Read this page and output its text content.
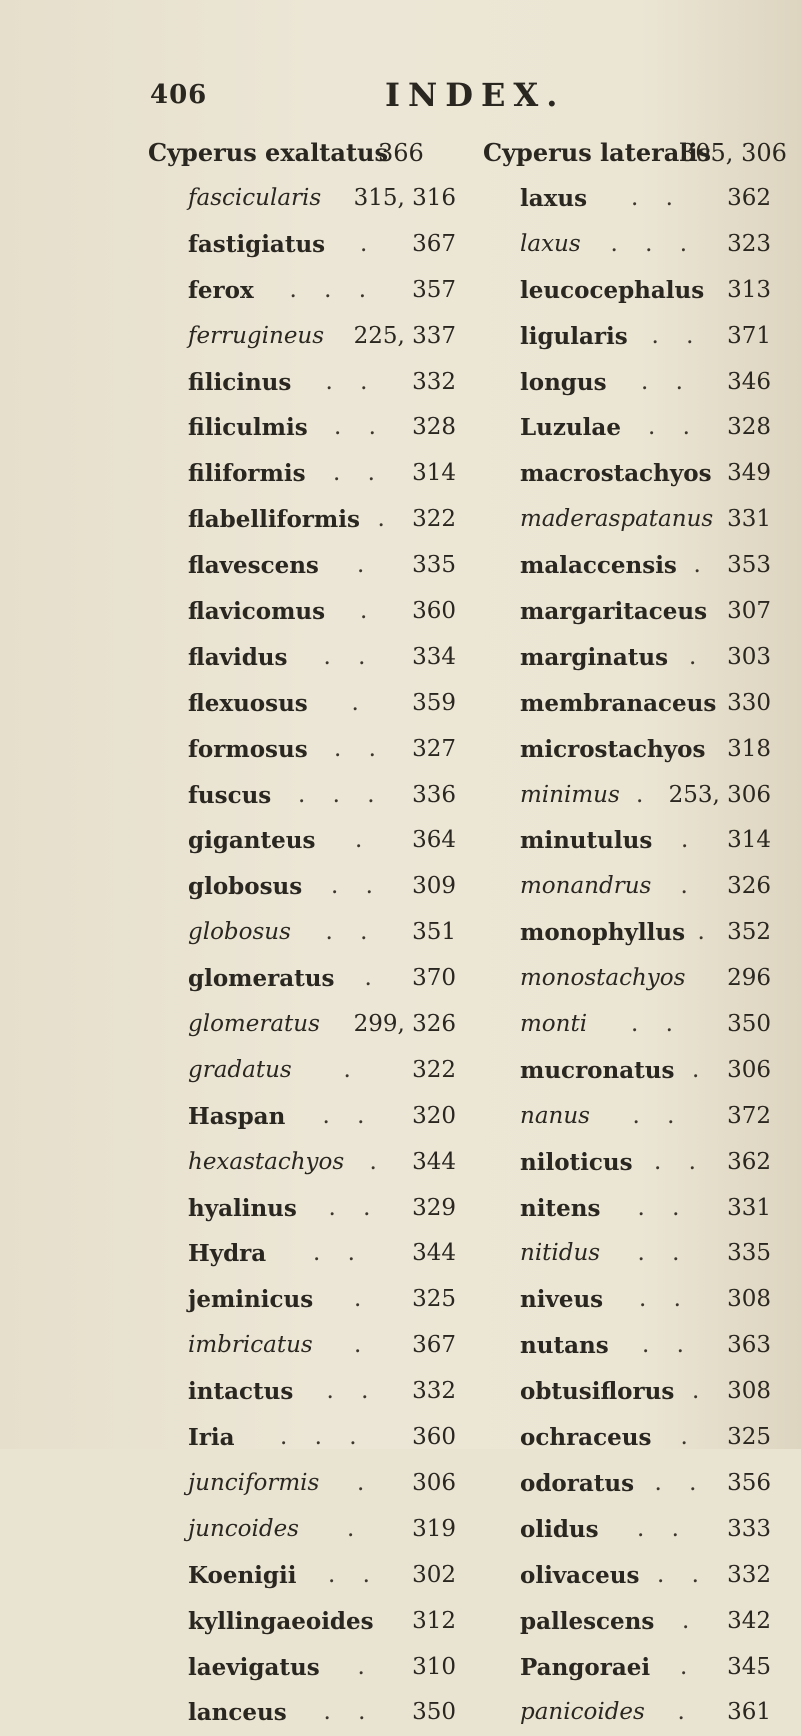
406	INDEX.
Cyperus exaltatus
366
fascicularis 315, 316
fastigiatus . 367
ferox . . . 357
ferrugineus 225, 337
filicinus . . 332
filiculmis . . 328
filiformis . . 314
flabelliformis . 322
flavescens . 335
flavicomus . 360
flavidus . . 334
flexuosus . 359
formosus . . 327
fuscus . . . 336
giganteus . 364
globosus . . 309
globosus . . 351
glomeratus . 370
glomeratus 299, 326
gradatus . 322
Haspan . . 320
hexastachyos . 344
hyalinus . . 329
Hydra . . 344
jeminicus . 325
imbricatus . 367
intactus . . 332
Iria . . . 360
junciformis . 306
juncoides . 319
Koenigii . . 302
kyllingaeoides 312
laevigatus . 310
lanceus . . 350
Cyperus lateralis
305, 306
laxus . . 362
laxus . . . 323
leucocephalus 313
ligularis . . 371
longus . . 346
Luzulae . . 328
macrostachyos 349
maderaspatanus 331
malaccensis . 353
margaritaceus 307
marginatus . 303
membranaceus 330
microstachyos 318
minimus . 253, 306
minutulus . 314
monandrus . 326
monophyllus . 352
monostachyos 296
monti . . 350
mucronatus . 306
nanus . . 372
niloticus . . 362
nitens . . 331
nitidus . . 335
niveus . . 308
nutans . . 363
obtusiflorus . 308
ochraceus . 325
odoratus . . 356
olidus . . 333
olivaceus . . 332
pallescens . 342
Pangoraei . 345
panicoides . 361
